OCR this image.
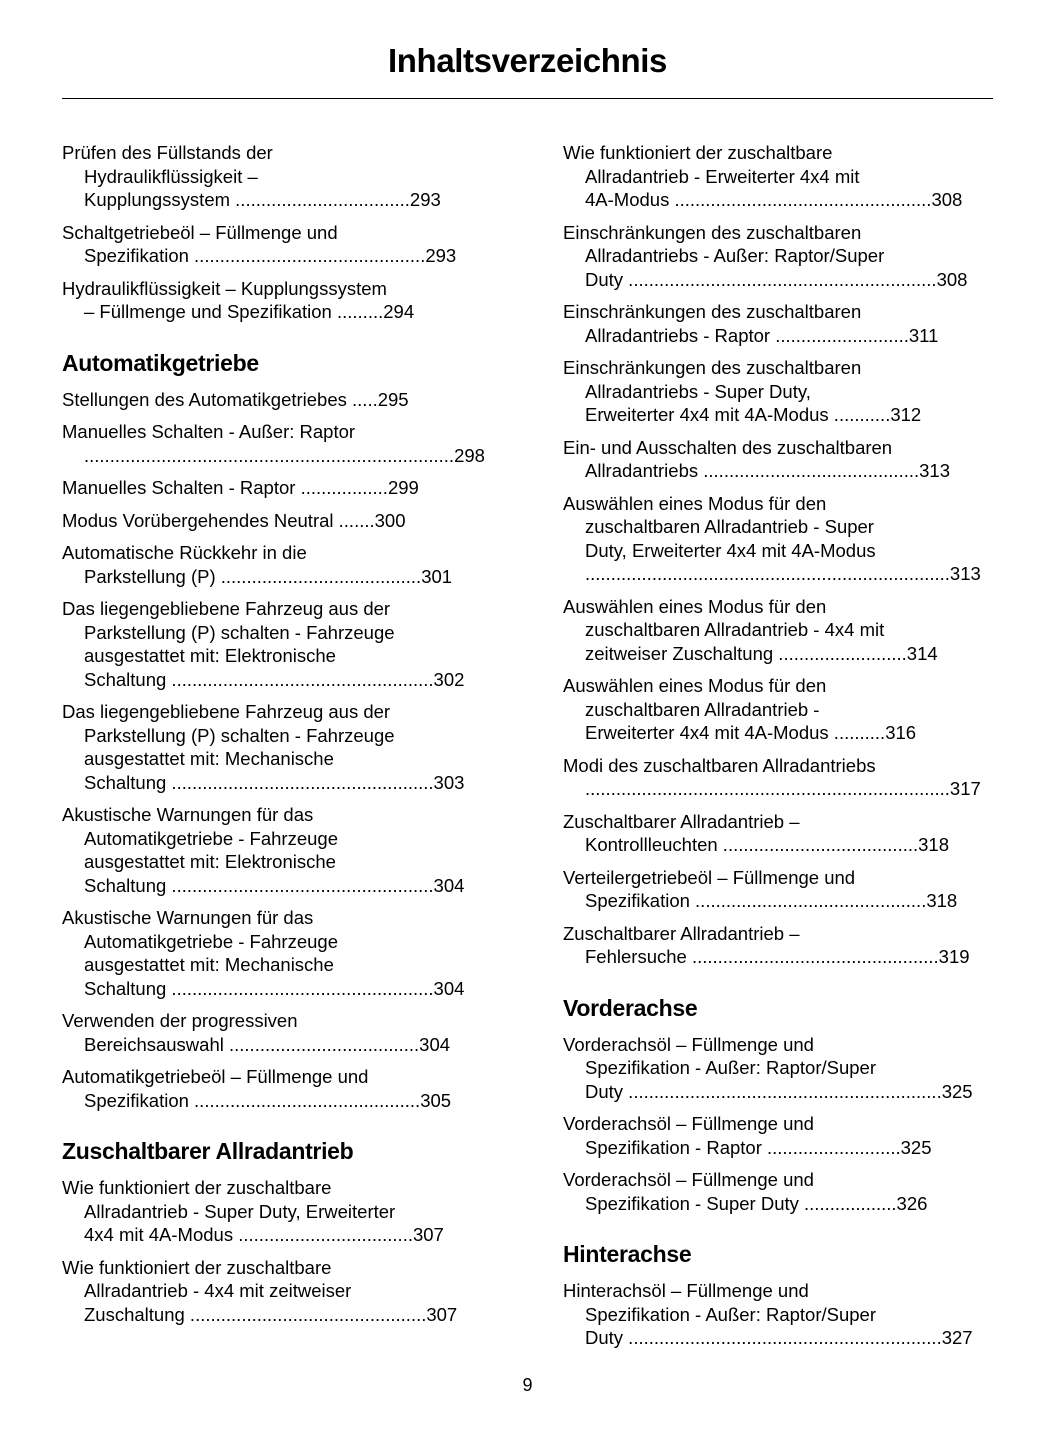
Inhaltsverzeichnis
Prüfen des Füllstands der
Hydraulikflüssigkeit –
Kupplungssystem ..................................293
Schaltgetriebeöl – Füllmenge und
Spezifikation .............................................293
Hydraulikflüssigkeit – Kupplungssystem
– Füllmenge und Spezifikation .........294
Automatikgetriebe
Stellungen des Automatikgetriebes .....295
Manuelles Schalten - Außer: Raptor
........................................................................298
Manuelles Schalten - Raptor .................299
Modus Vorübergehendes Neutral .......300
Automatische Rückkehr in die
Parkstellung (P) .......................................301
Das liegengebliebene Fahrzeug aus der
Parkstellung (P) schalten - Fahrzeuge
ausgestattet mit: Elektronische
Schaltung ...................................................302
Das liegengebliebene Fahrzeug aus der
Parkstellung (P) schalten - Fahrzeuge
ausgestattet mit: Mechanische
Schaltung ...................................................303
Akustische Warnungen für das
Automatikgetriebe - Fahrzeuge
ausgestattet mit: Elektronische
Schaltung ...................................................304
Akustische Warnungen für das
Automatikgetriebe - Fahrzeuge
ausgestattet mit: Mechanische
Schaltung ...................................................304
Verwenden der progressiven
Bereichsauswahl .....................................304
Automatikgetriebeöl – Füllmenge und
Spezifikation ............................................305
Zuschaltbarer Allradantrieb
Wie funktioniert der zuschaltbare
Allradantrieb - Super Duty, Erweiterter
4x4 mit 4A-Modus ..................................307
Wie funktioniert der zuschaltbare
Allradantrieb - 4x4 mit zeitweiser
Zuschaltung ..............................................307
Wie funktioniert der zuschaltbare
Allradantrieb - Erweiterter 4x4 mit
4A-Modus ..................................................308
Einschränkungen des zuschaltbaren
Allradantriebs - Außer: Raptor/Super
Duty ............................................................308
Einschränkungen des zuschaltbaren
Allradantriebs - Raptor ..........................311
Einschränkungen des zuschaltbaren
Allradantriebs - Super Duty,
Erweiterter 4x4 mit 4A-Modus ...........312
Ein- und Ausschalten des zuschaltbaren
Allradantriebs ..........................................313
Auswählen eines Modus für den
zuschaltbaren Allradantrieb - Super
Duty, Erweiterter 4x4 mit 4A-Modus
.......................................................................313
Auswählen eines Modus für den
zuschaltbaren Allradantrieb - 4x4 mit
zeitweiser Zuschaltung .........................314
Auswählen eines Modus für den
zuschaltbaren Allradantrieb -
Erweiterter 4x4 mit 4A-Modus ..........316
Modi des zuschaltbaren Allradantriebs
.......................................................................317
Zuschaltbarer Allradantrieb –
Kontrollleuchten ......................................318
Verteilergetriebeöl – Füllmenge und
Spezifikation .............................................318
Zuschaltbarer Allradantrieb –
Fehlersuche ................................................319
Vorderachse
Vorderachsöl – Füllmenge und
Spezifikation - Außer: Raptor/Super
Duty .............................................................325
Vorderachsöl – Füllmenge und
Spezifikation - Raptor ..........................325
Vorderachsöl – Füllmenge und
Spezifikation - Super Duty ..................326
Hinterachse
Hinterachsöl – Füllmenge und
Spezifikation - Außer: Raptor/Super
Duty .............................................................327
9
